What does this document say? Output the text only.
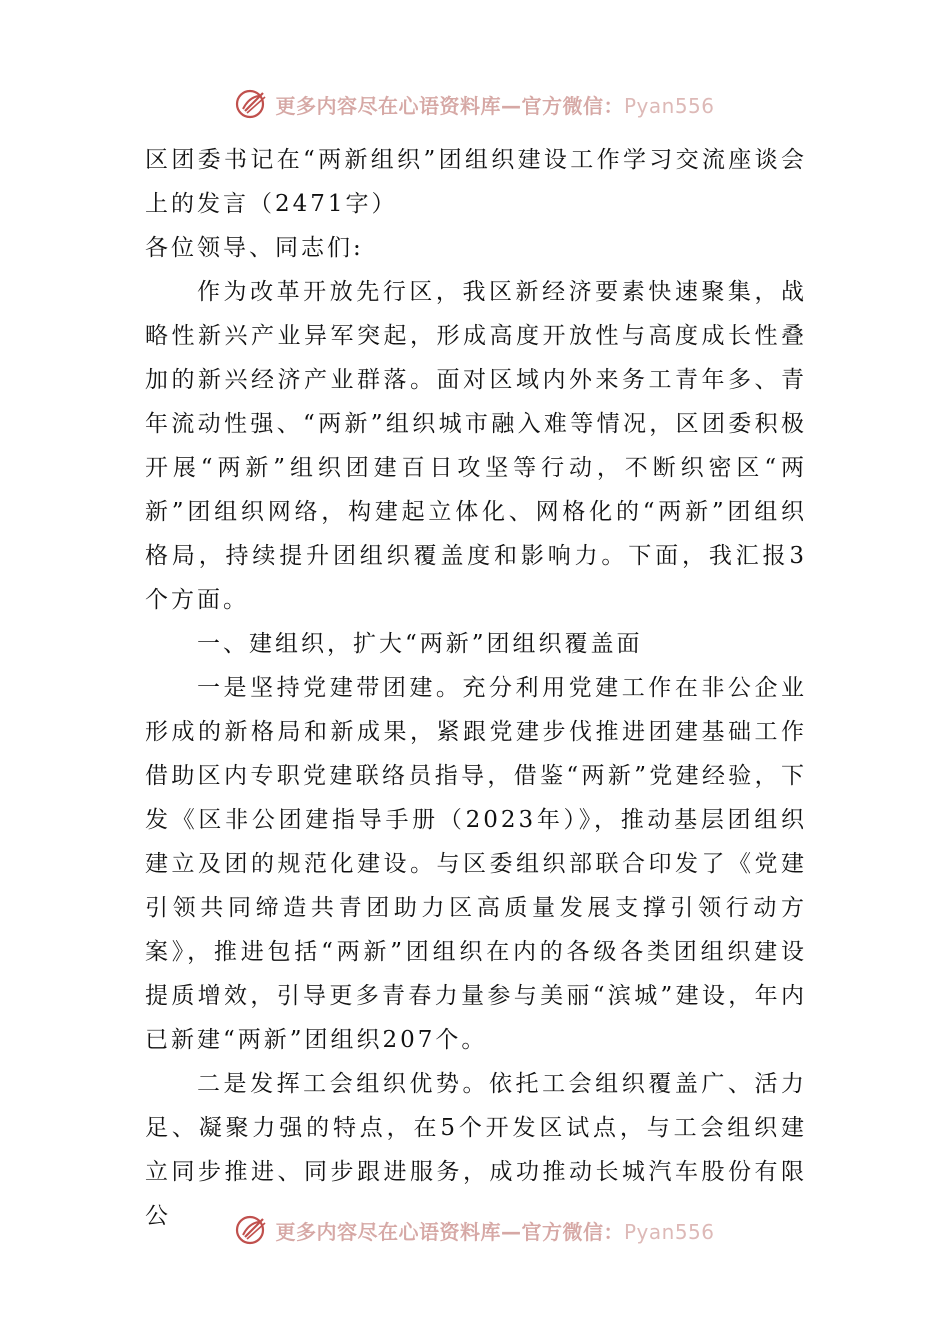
更多内容尽在心语资料库—官方微信：Pyan556

区团委书记在“两新组织”团组织建设工作学习交流座谈会上的发言（2471字）

各位领导、同志们:

作为改革开放先行区，我区新经济要素快速聚集，战略性新兴产业异军突起，形成高度开放性与高度成长性叠加的新兴经济产业群落。面对区域内外来务工青年多、青年流动性强、“两新”组织城市融入难等情况，区团委积极开展“两新”组织团建百日攻坚等行动，不断织密区“两新”团组织网络，构建起立体化、网格化的“两新”团组织格局，持续提升团组织覆盖度和影响力。下面，我汇报3个方面。

一、建组织，扩大“两新”团组织覆盖面

一是坚持党建带团建。充分利用党建工作在非公企业形成的新格局和新成果，紧跟党建步伐推进团建基础工作借助区内专职党建联络员指导，借鉴“两新”党建经验，下发《区非公团建指导手册（2023年）》，推动基层团组织建立及团的规范化建设。与区委组织部联合印发了《党建引领共同缔造共青团助力区高质量发展支撑引领行动方案》，推进包括“两新”团组织在内的各级各类团组织建设提质增效，引导更多青春力量参与美丽“滨城”建设，年内已新建“两新”团组织207个。

二是发挥工会组织优势。依托工会组织覆盖广、活力足、凝聚力强的特点，在5个开发区试点，与工会组织建立同步推进、同步跟进服务，成功推动长城汽车股份有限公

更多内容尽在心语资料库—官方微信：Pyan556
